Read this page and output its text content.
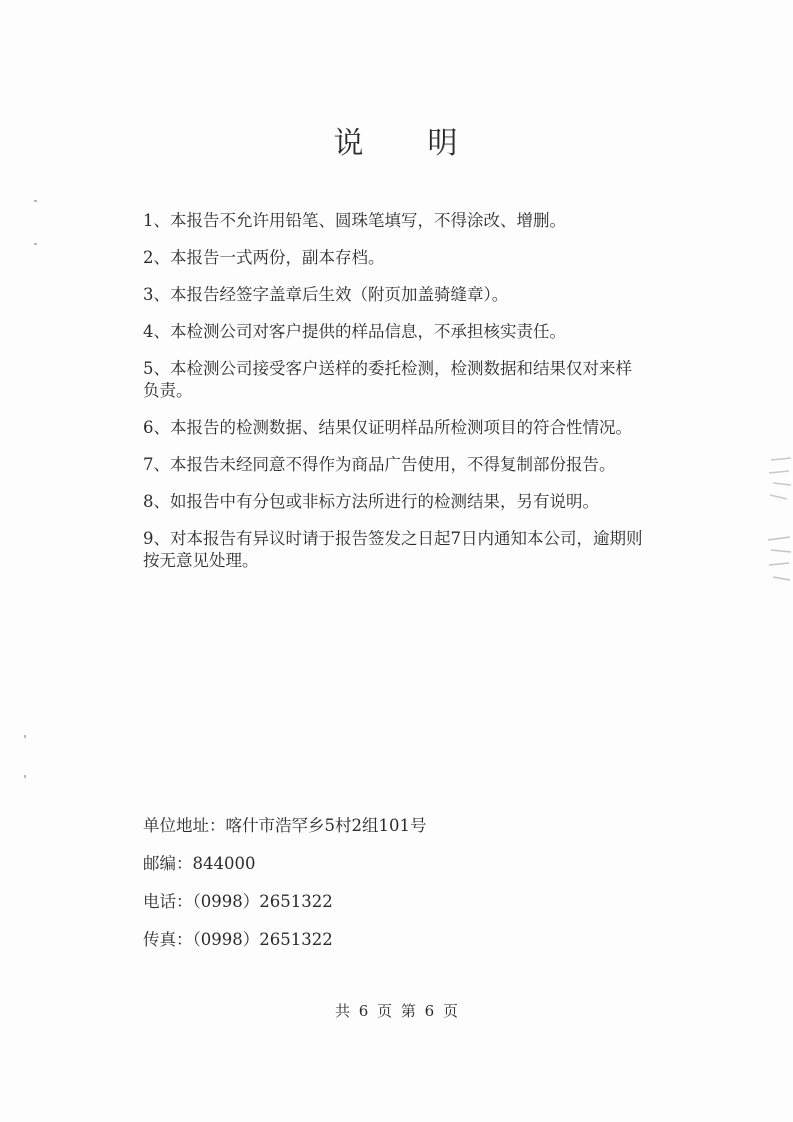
说 明

1、本报告不允许用铅笔、圆珠笔填写，不得涂改、增删。

2、本报告一式两份，副本存档。

3、本报告经签字盖章后生效（附页加盖骑缝章）。

4、本检测公司对客户提供的样品信息，不承担核实责任。

5、本检测公司接受客户送样的委托检测，检测数据和结果仅对来样负责。

6、本报告的检测数据、结果仅证明样品所检测项目的符合性情况。

7、本报告未经同意不得作为商品广告使用，不得复制部份报告。

8、如报告中有分包或非标方法所进行的检测结果，另有说明。

9、对本报告有异议时请于报告签发之日起7日内通知本公司，逾期则按无意见处理。

单位地址：喀什市浩罕乡5村2组101号

邮编：844000

电话：（0998）2651322

传真：（0998）2651322

共 6 页 第 6 页
